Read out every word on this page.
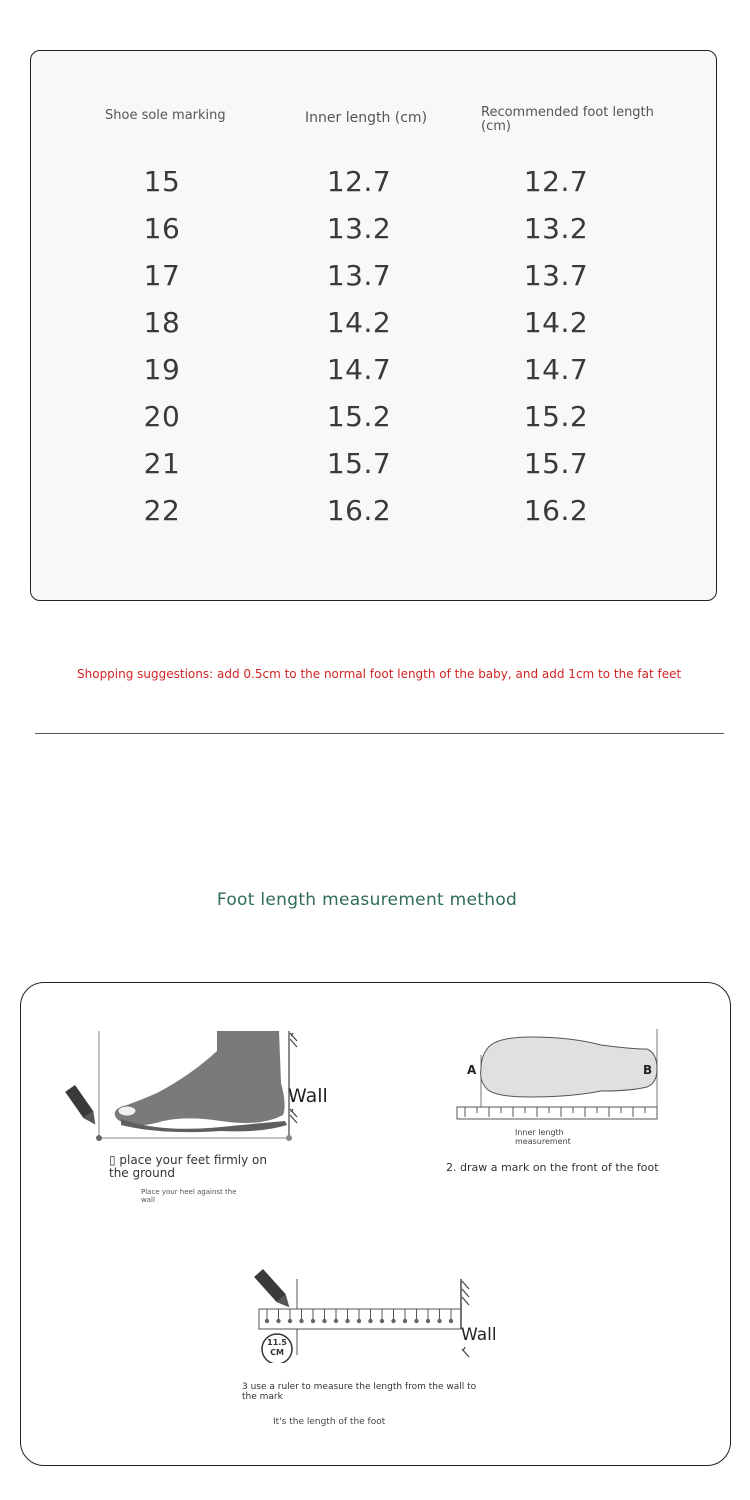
Shoe sole marking	Inner length (cm)	Recommended foot length (cm)
15	12.7	12.7
16	13.2	13.2
17	13.7	13.7
18	14.2	14.2
19	14.7	14.7
20	15.2	15.2
21	15.7	15.7
22	16.2	16.2
Shopping suggestions: add 0.5cm to the normal foot length of the baby, and add 1cm to the fat feet
Foot length measurement method
Wall
▯ place your feet firmly on the ground
Place your heel against the wall
A	B
Inner length measurement
2. draw a mark on the front of the foot
Wall
11.5 CM
3 use a ruler to measure the length from the wall to the mark
It's the length of the foot
